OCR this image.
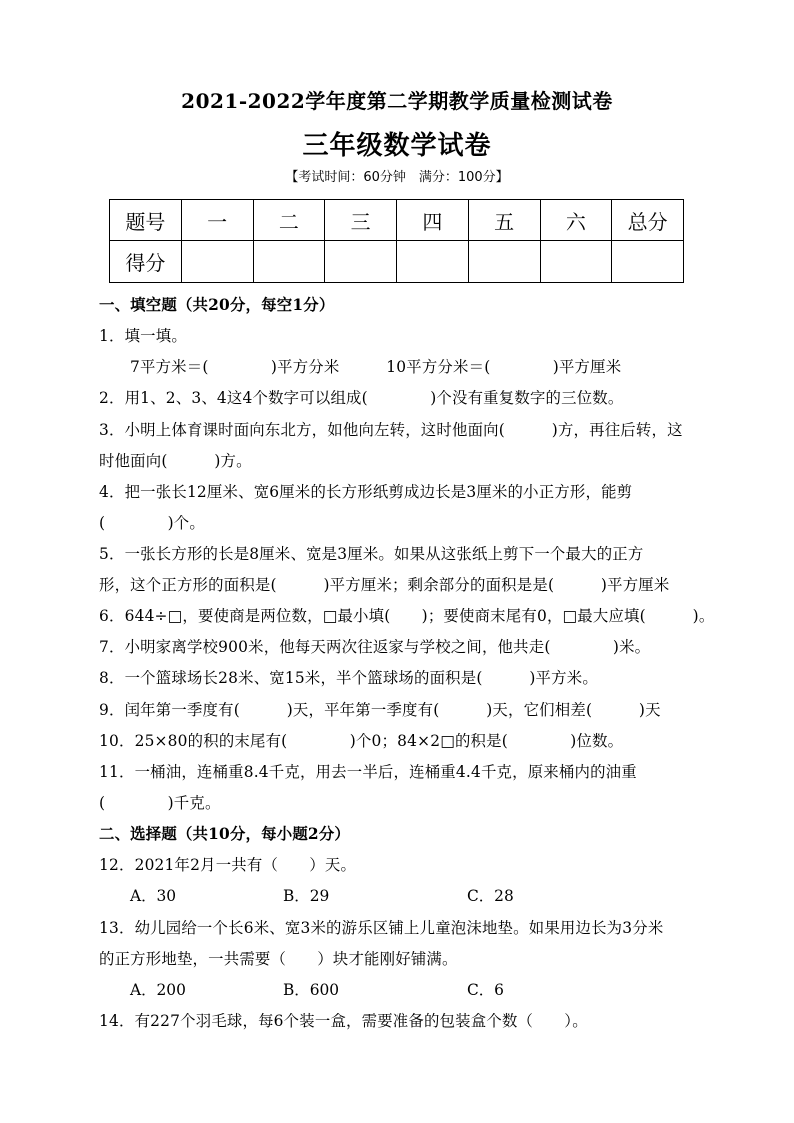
2021-2022学年度第二学期教学质量检测试卷
三年级数学试卷
【考试时间：60分钟　满分：100分】
题号	一	二	三	四	五	六	总分
得分							
一、填空题（共20分，每空1分）
1．填一填。
7平方米＝(　　　　)平方分米　　　10平方分米＝(　　　　)平方厘米
2．用1、2、3、4这4个数字可以组成(　　　　)个没有重复数字的三位数。
3．小明上体育课时面向东北方，如他向左转，这时他面向(　　　)方，再往后转，这
时他面向(　　　)方。
4．把一张长12厘米、宽6厘米的长方形纸剪成边长是3厘米的小正方形，能剪
(　　　　)个。
5．一张长方形的长是8厘米、宽是3厘米。如果从这张纸上剪下一个最大的正方
形，这个正方形的面积是(　　　)平方厘米；剩余部分的面积是是(　　　)平方厘米
6．644÷□，要使商是两位数，□最小填(　　)；要使商末尾有0，□最大应填(　　　)。
7．小明家离学校900米，他每天两次往返家与学校之间，他共走(　　　　)米。
8．一个篮球场长28米、宽15米，半个篮球场的面积是(　　　)平方米。
9．闰年第一季度有(　　　)天，平年第一季度有(　　　)天，它们相差(　　　)天
10．25×80的积的末尾有(　　　　)个0；84×2□的积是(　　　　)位数。
11．一桶油，连桶重8.4千克，用去一半后，连桶重4.4千克，原来桶内的油重
(　　　　)千克。
二、选择题（共10分，每小题2分）
12．2021年2月一共有（　　）天。
A．30	B．29	C．28
13．幼儿园给一个长6米、宽3米的游乐区铺上儿童泡沫地垫。如果用边长为3分米
的正方形地垫，一共需要（　　）块才能刚好铺满。
A．200	B．600	C．6
14．有227个羽毛球，每6个装一盒，需要准备的包装盒个数（　　）。
